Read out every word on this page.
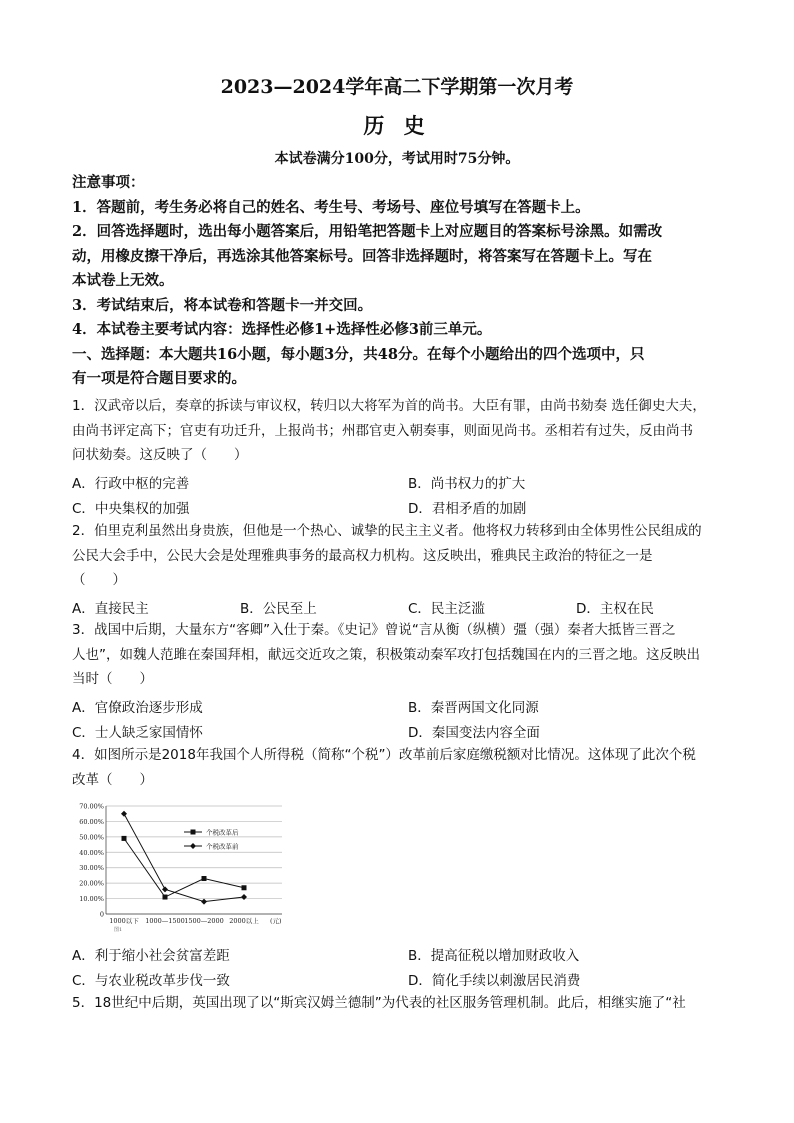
2023—2024学年高二下学期第一次月考
历 史
本试卷满分100分，考试用时75分钟。
注意事项：
1．答题前，考生务必将自己的姓名、考生号、考场号、座位号填写在答题卡上。
2．回答选择题时，选出每小题答案后，用铅笔把答题卡上对应题目的答案标号涂黑。如需改
动，用橡皮擦干净后，再选涂其他答案标号。回答非选择题时，将答案写在答题卡上。写在
本试卷上无效。
3．考试结束后，将本试卷和答题卡一并交回。
4．本试卷主要考试内容：选择性必修1+选择性必修3前三单元。
一、选择题：本大题共16小题，每小题3分，共48分。在每个小题给出的四个选项中，只
有一项是符合题目要求的。
1．汉武帝以后，奏章的拆读与审议权，转归以大将军为首的尚书。大臣有罪，由尚书劾奏 选任御史大夫，
由尚书评定高下；官吏有功迁升，上报尚书；州郡官吏入朝奏事，则面见尚书。丞相若有过失，反由尚书
问状劾奏。这反映了（　　）
A．行政中枢的完善	B．尚书权力的扩大
C．中央集权的加强	D．君相矛盾的加剧
2．伯里克利虽然出身贵族，但他是一个热心、诚挚的民主主义者。他将权力转移到由全体男性公民组成的
公民大会手中，公民大会是处理雅典事务的最高权力机构。这反映出，雅典民主政治的特征之一是
（　　）
A．直接民主	B．公民至上	C．民主泛滥	D．主权在民
3．战国中后期，大量东方“客卿”入仕于秦。《史记》曾说“言从衡（纵横）彊（强）秦者大抵皆三晋之
人也”，如魏人范雎在秦国拜相，献远交近攻之策，积极策动秦军攻打包括魏国在内的三晋之地。这反映出
当时（　　）
A．官僚政治逐步形成	B．秦晋两国文化同源
C．士人缺乏家国情怀	D．秦国变法内容全面
4．如图所示是2018年我国个人所得税（简称“个税”）改革前后家庭缴税额对比情况。这体现了此次个税
改革（　　）
0
10.00%
20.00%
30.00%
40.00%
50.00%
60.00%
70.00%
1000以下 1000—1500 1500—2000 2000以上 (元)
图1
个税改革后
个税改革前
A．利于缩小社会贫富差距	B．提高征税以增加财政收入
C．与农业税改革步伐一致	D．简化手续以刺激居民消费
5．18世纪中后期，英国出现了以“斯宾汉姆兰德制”为代表的社区服务管理机制。此后，相继实施了“社
